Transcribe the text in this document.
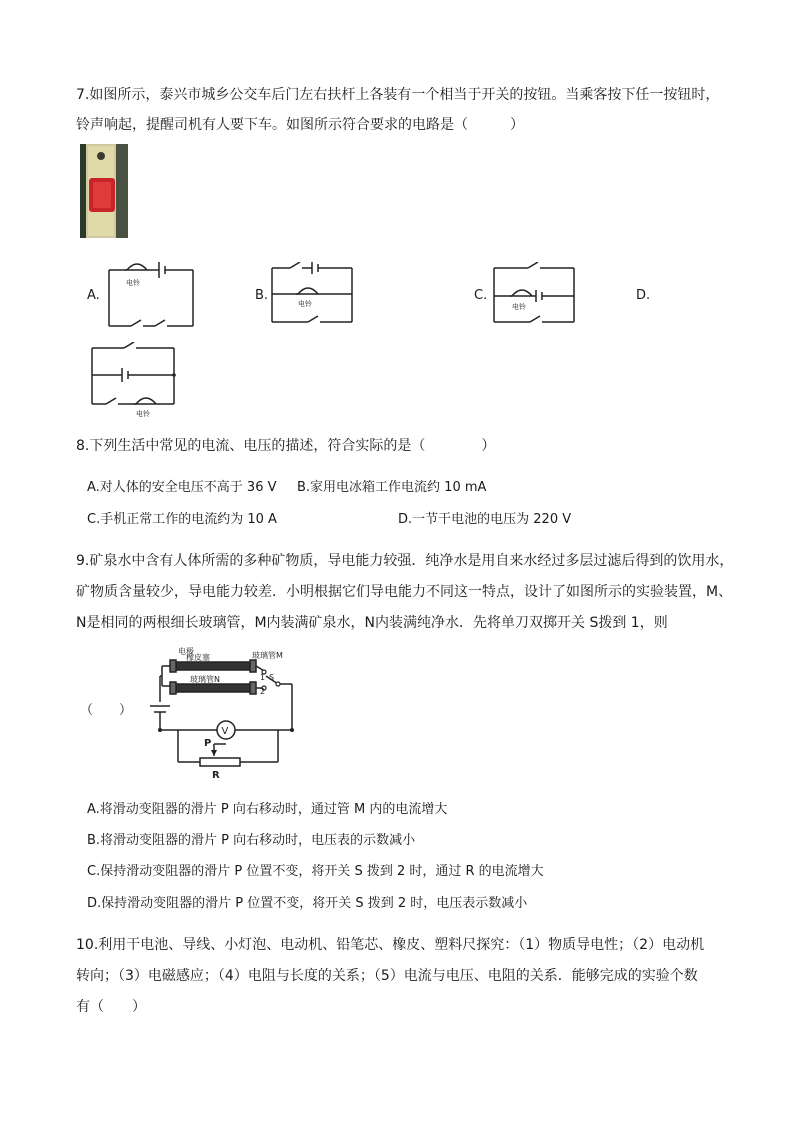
7.如图所示，泰兴市城乡公交车后门左右扶杆上各装有一个相当于开关的按钮。当乘客按下任一按钮时，
铃声响起，提醒司机有人要下车。如图所示符合要求的电路是（　　　）
A.	B.	C.	D.
电铃
电铃	电铃
电铃
8.下列生活中常见的电流、电压的描述，符合实际的是（　　　　）
A.对人体的安全电压不高于 36 V B.家用电冰箱工作电流约 10 mA
C.手机正常工作的电流约为 10 A	D.一节干电池的电压为 220 V
9.矿泉水中含有人体所需的多种矿物质，导电能力较强．纯净水是用自来水经过多层过滤后得到的饮用水，
矿物质含量较少，导电能力较差．小明根据它们导电能力不同这一特点，设计了如图所示的实验装置，M、
N是相同的两根细长玻璃管，M内装满矿泉水，N内装满纯净水．先将单刀双掷开关 S拨到 1，则
（　　）
V
电极
橡皮塞	玻璃管M
玻璃管N	1 S
2
P
R
A.将滑动变阻器的滑片 P 向右移动时，通过管 M 内的电流增大
B.将滑动变阻器的滑片 P 向右移动时，电压表的示数减小
C.保持滑动变阻器的滑片 P 位置不变，将开关 S 拨到 2 时，通过 R 的电流增大
D.保持滑动变阻器的滑片 P 位置不变，将开关 S 拨到 2 时，电压表示数减小
10.利用干电池、导线、小灯泡、电动机、铅笔芯、橡皮、塑料尺探究：（1）物质导电性；（2）电动机
转向；（3）电磁感应；（4）电阻与长度的关系；（5）电流与电压、电阻的关系．能够完成的实验个数
有（　　）
